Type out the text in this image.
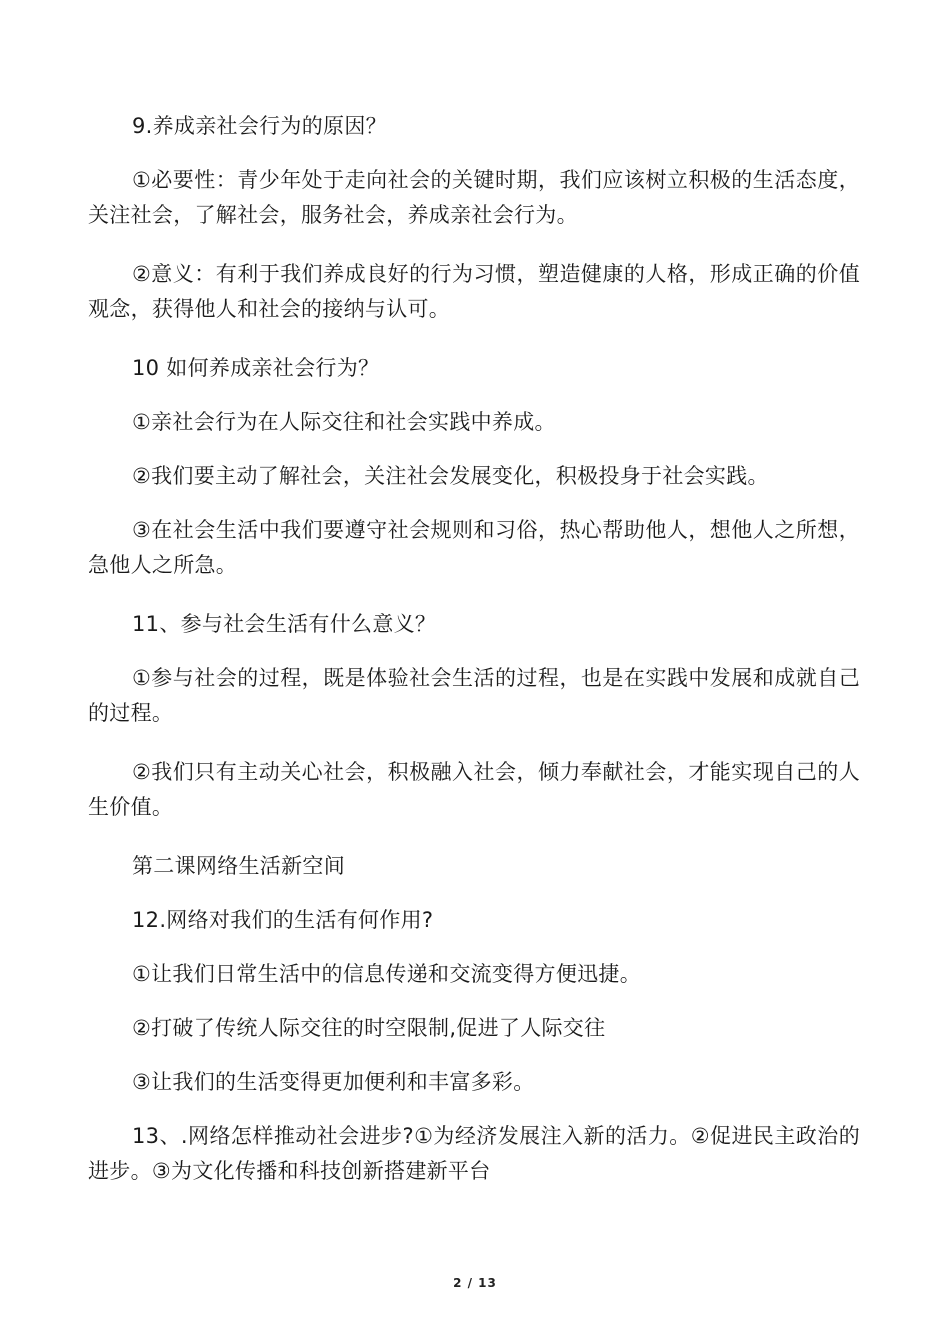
9.养成亲社会行为的原因？

①必要性：青少年处于走向社会的关键时期，我们应该树立积极的生活态度，关注社会，了解社会，服务社会，养成亲社会行为。

②意义：有利于我们养成良好的行为习惯，塑造健康的人格，形成正确的价值观念，获得他人和社会的接纳与认可。

10 如何养成亲社会行为？

①亲社会行为在人际交往和社会实践中养成。

②我们要主动了解社会，关注社会发展变化，积极投身于社会实践。

③在社会生活中我们要遵守社会规则和习俗，热心帮助他人，想他人之所想，急他人之所急。

11、参与社会生活有什么意义？

①参与社会的过程，既是体验社会生活的过程，也是在实践中发展和成就自己的过程。

②我们只有主动关心社会，积极融入社会，倾力奉献社会，才能实现自己的人生价值。

第二课网络生活新空间

12.网络对我们的生活有何作用?

①让我们日常生活中的信息传递和交流变得方便迅捷。

②打破了传统人际交往的时空限制,促进了人际交往

③让我们的生活变得更加便利和丰富多彩。

13、.网络怎样推动社会进步?①为经济发展注入新的活力。②促进民主政治的进步。③为文化传播和科技创新搭建新平台

2 / 13
